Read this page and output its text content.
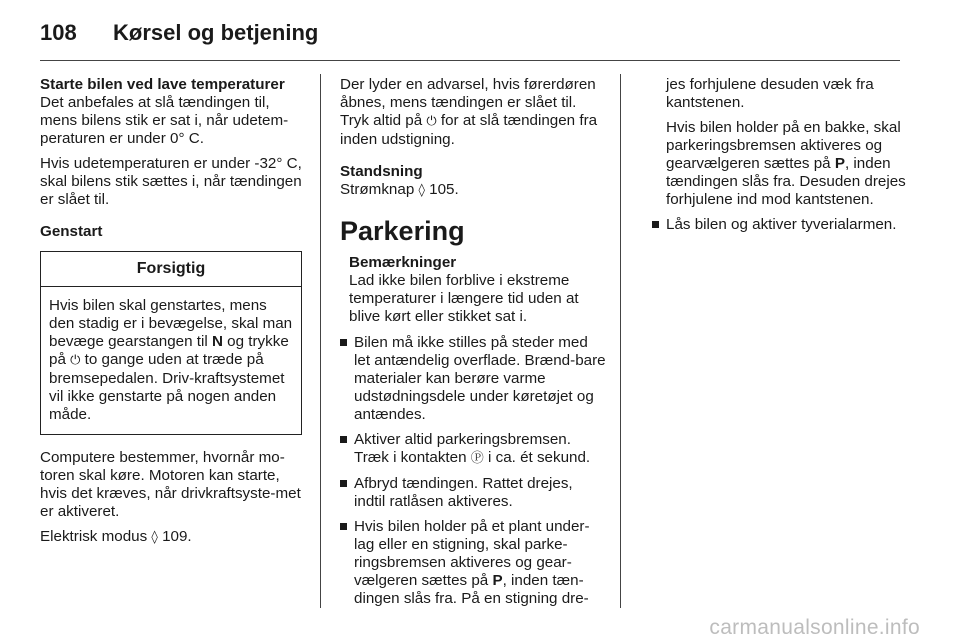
108 Kørsel og betjening

Starte bilen ved lave temperaturer

Det anbefales at slå tændingen til, mens bilens stik er sat i, når udetem-peraturen er under 0° C.

Hvis udetemperaturen er under -32° C, skal bilens stik sættes i, når tændingen er slået til.

Genstart

Forsigtig
Hvis bilen skal genstartes, mens den stadig er i bevægelse, skal man bevæge gearstangen til N og trykke på ⏻ to gange uden at træde på bremsepedalen. Driv-kraftsystemet vil ikke genstarte på nogen anden måde.

Computere bestemmer, hvornår mo-toren skal køre. Motoren kan starte, hvis det kræves, når drivkraftsyste-met er aktiveret.

Elektrisk modus ◊ 109.

Der lyder en advarsel, hvis førerdøren åbnes, mens tændingen er slået til. Tryk altid på ⏻ for at slå tændingen fra inden udstigning.

Standsning

Strømknap ◊ 105.

Parkering
Bemærkninger
Lad ikke bilen forblive i ekstreme temperaturer i længere tid uden at blive kørt eller stikket sat i.
Bilen må ikke stilles på steder med let antændelig overflade. Brænd-bare materialer kan berøre varme udstødningsdele under køretøjet og antændes.
Aktiver altid parkeringsbremsen. Træk i kontakten Ⓟ i ca. ét sekund.
Afbryd tændingen. Rattet drejes, indtil ratlåsen aktiveres.
Hvis bilen holder på et plant under-lag eller en stigning, skal parke-ringsbremsen aktiveres og gear-vælgeren sættes på P, inden tæn-dingen slås fra. På en stigning dre-

jes forhjulene desuden væk fra kantstenen.

Hvis bilen holder på en bakke, skal parkeringsbremsen aktiveres og gearvælgeren sættes på P, inden tændingen slås fra. Desuden drejes forhjulene ind mod kantstenen.

Lås bilen og aktiver tyverialarmen.
carmanualsonline.info
